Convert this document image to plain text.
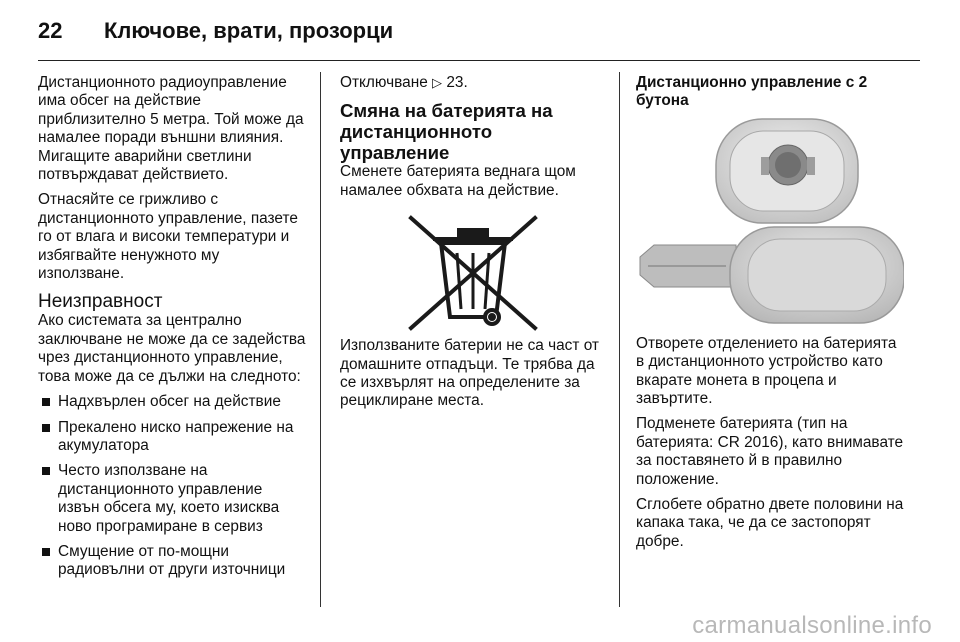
22	Ключове, врати, прозорци

Дистанционното радиоуправление има обсег на действие приблизително 5 метра. Той може да намалее поради външни влияния. Мигащите аварийни светлини потвърждават действието.

Отнасяйте се грижливо с дистанционното управление, пазете го от влага и високи температури и избягвайте ненужното му използване.

Неизправност

Ако системата за централно заключване не може да се задейства чрез дистанционното управление, това може да се дължи на следното:

Надхвърлен обсег на действие
Прекалено ниско напрежение на акумулатора
Често използване на дистанционното управление извън обсега му, което изисква ново програмиране в сервиз
Смущение от по-мощни радиовълни от други източници

Отключване ▷ 23.

Смяна на батерията на дистанционното управление

Сменете батерията веднага щом намалее обхвата на действие.

Използваните батерии не са част от домашните отпадъци. Те трябва да се изхвърлят на определените за рециклиране места.

Дистанционно управление с 2 бутона

Отворете отделението на батерията в дистанционното устройство като вкарате монета в процепа и завъртите.

Подменете батерията (тип на батерията: CR 2016), като внимавате за поставянето й в правилно положение.

Сглобете обратно двете половини на капака така, че да се застопорят добре.

carmanualsonline.info
